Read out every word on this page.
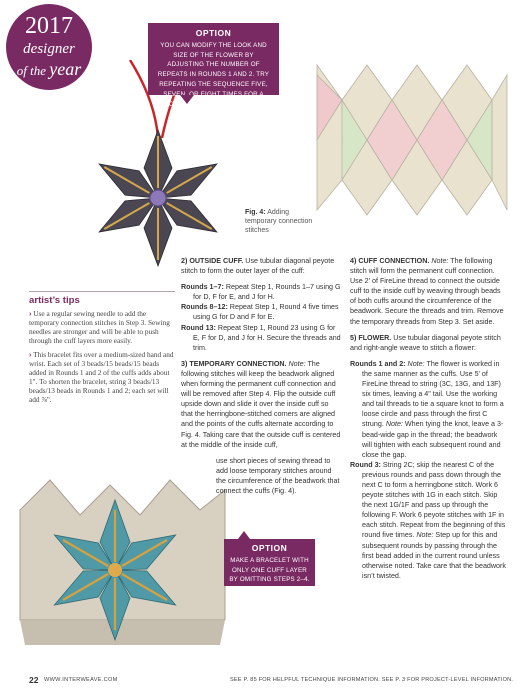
2017
designer
of the year
OPTION
YOU CAN MODIFY THE LOOK AND SIZE OF THE FLOWER BY ADJUSTING THE NUMBER OF REPEATS IN ROUNDS 1 AND 2. TRY REPEATING THE SEQUENCE FIVE, SEVEN, OR EIGHT TIMES FOR A FLOWER WITH FEWER OR MORE PETALS.
OPTION
MAKE A BRACELET WITH ONLY ONE CUFF LAYER BY OMITTING STEPS 2–4.
Fig. 4: Adding temporary connection stitches
artist’s tips

› Use a regular sewing needle to add the temporary connection stitches in Step 3. Sewing needles are stronger and will be able to push through the cuff layers more easily.

› This bracelet fits over a medium-sized hand and wrist. Each set of 3 beads/15 beads/15 beads added in Rounds 1 and 2 of the cuffs adds about 1". To shorten the bracelet, string 3 beads/13 beads/13 beads in Rounds 1 and 2; each set will add ⅞".

2) OUTSIDE CUFF. Use tubular diagonal peyote stitch to form the outer layer of the cuff:

Rounds 1–7: Repeat Step 1, Rounds 1–7 using G for D, F for E, and J for H.

Rounds 8–12: Repeat Step 1, Round 4 five times using G for D and F for E.

Round 13: Repeat Step 1, Round 23 using G for E, F for D, and J for H. Secure the threads and trim.

3) TEMPORARY CONNECTION. Note: The following stitches will keep the beadwork aligned when forming the permanent cuff connection and will be removed after Step 4. Flip the outside cuff upside down and slide it over the inside cuff so that the herringbone-stitched corners are aligned and the points of the cuffs alternate according to Fig. 4. Taking care that the outside cuff is centered at the middle of the inside cuff,

use short pieces of sewing thread to add loose temporary stitches around the circumference of the beadwork that connect the cuffs (Fig. 4).

4) CUFF CONNECTION. Note: The following stitch will form the permanent cuff connection. Use 2' of FireLine thread to connect the outside cuff to the inside cuff by weaving through beads of both cuffs around the circumference of the beadwork. Secure the threads and trim. Remove the temporary threads from Step 3. Set aside.

5) FLOWER. Use tubular diagonal peyote stitch and right-angle weave to stitch a flower:

Rounds 1 and 2: Note: The flower is worked in the same manner as the cuffs. Use 5' of FireLine thread to string (3C, 13G, and 13F) six times, leaving a 4" tail. Use the working and tail threads to tie a square knot to form a loose circle and pass through the first C strung. Note: When tying the knot, leave a 3-bead-wide gap in the thread; the beadwork will tighten with each subsequent round and close the gap.

Round 3: String 2C; skip the nearest C of the previous rounds and pass down through the next C to form a herringbone stitch. Work 6 peyote stitches with 1G in each stitch. Skip the next 1G/1F and pass up through the following F. Work 6 peyote stitches with 1F in each stitch. Repeat from the beginning of this round five times. Note: Step up for this and subsequent rounds by passing through the first bead added in the current round unless otherwise noted. Take care that the beadwork isn’t twisted.

22 WWW.INTERWEAVE.COM	SEE P. 85 FOR HELPFUL TECHNIQUE INFORMATION. SEE P. 3 FOR PROJECT-LEVEL INFORMATION.
